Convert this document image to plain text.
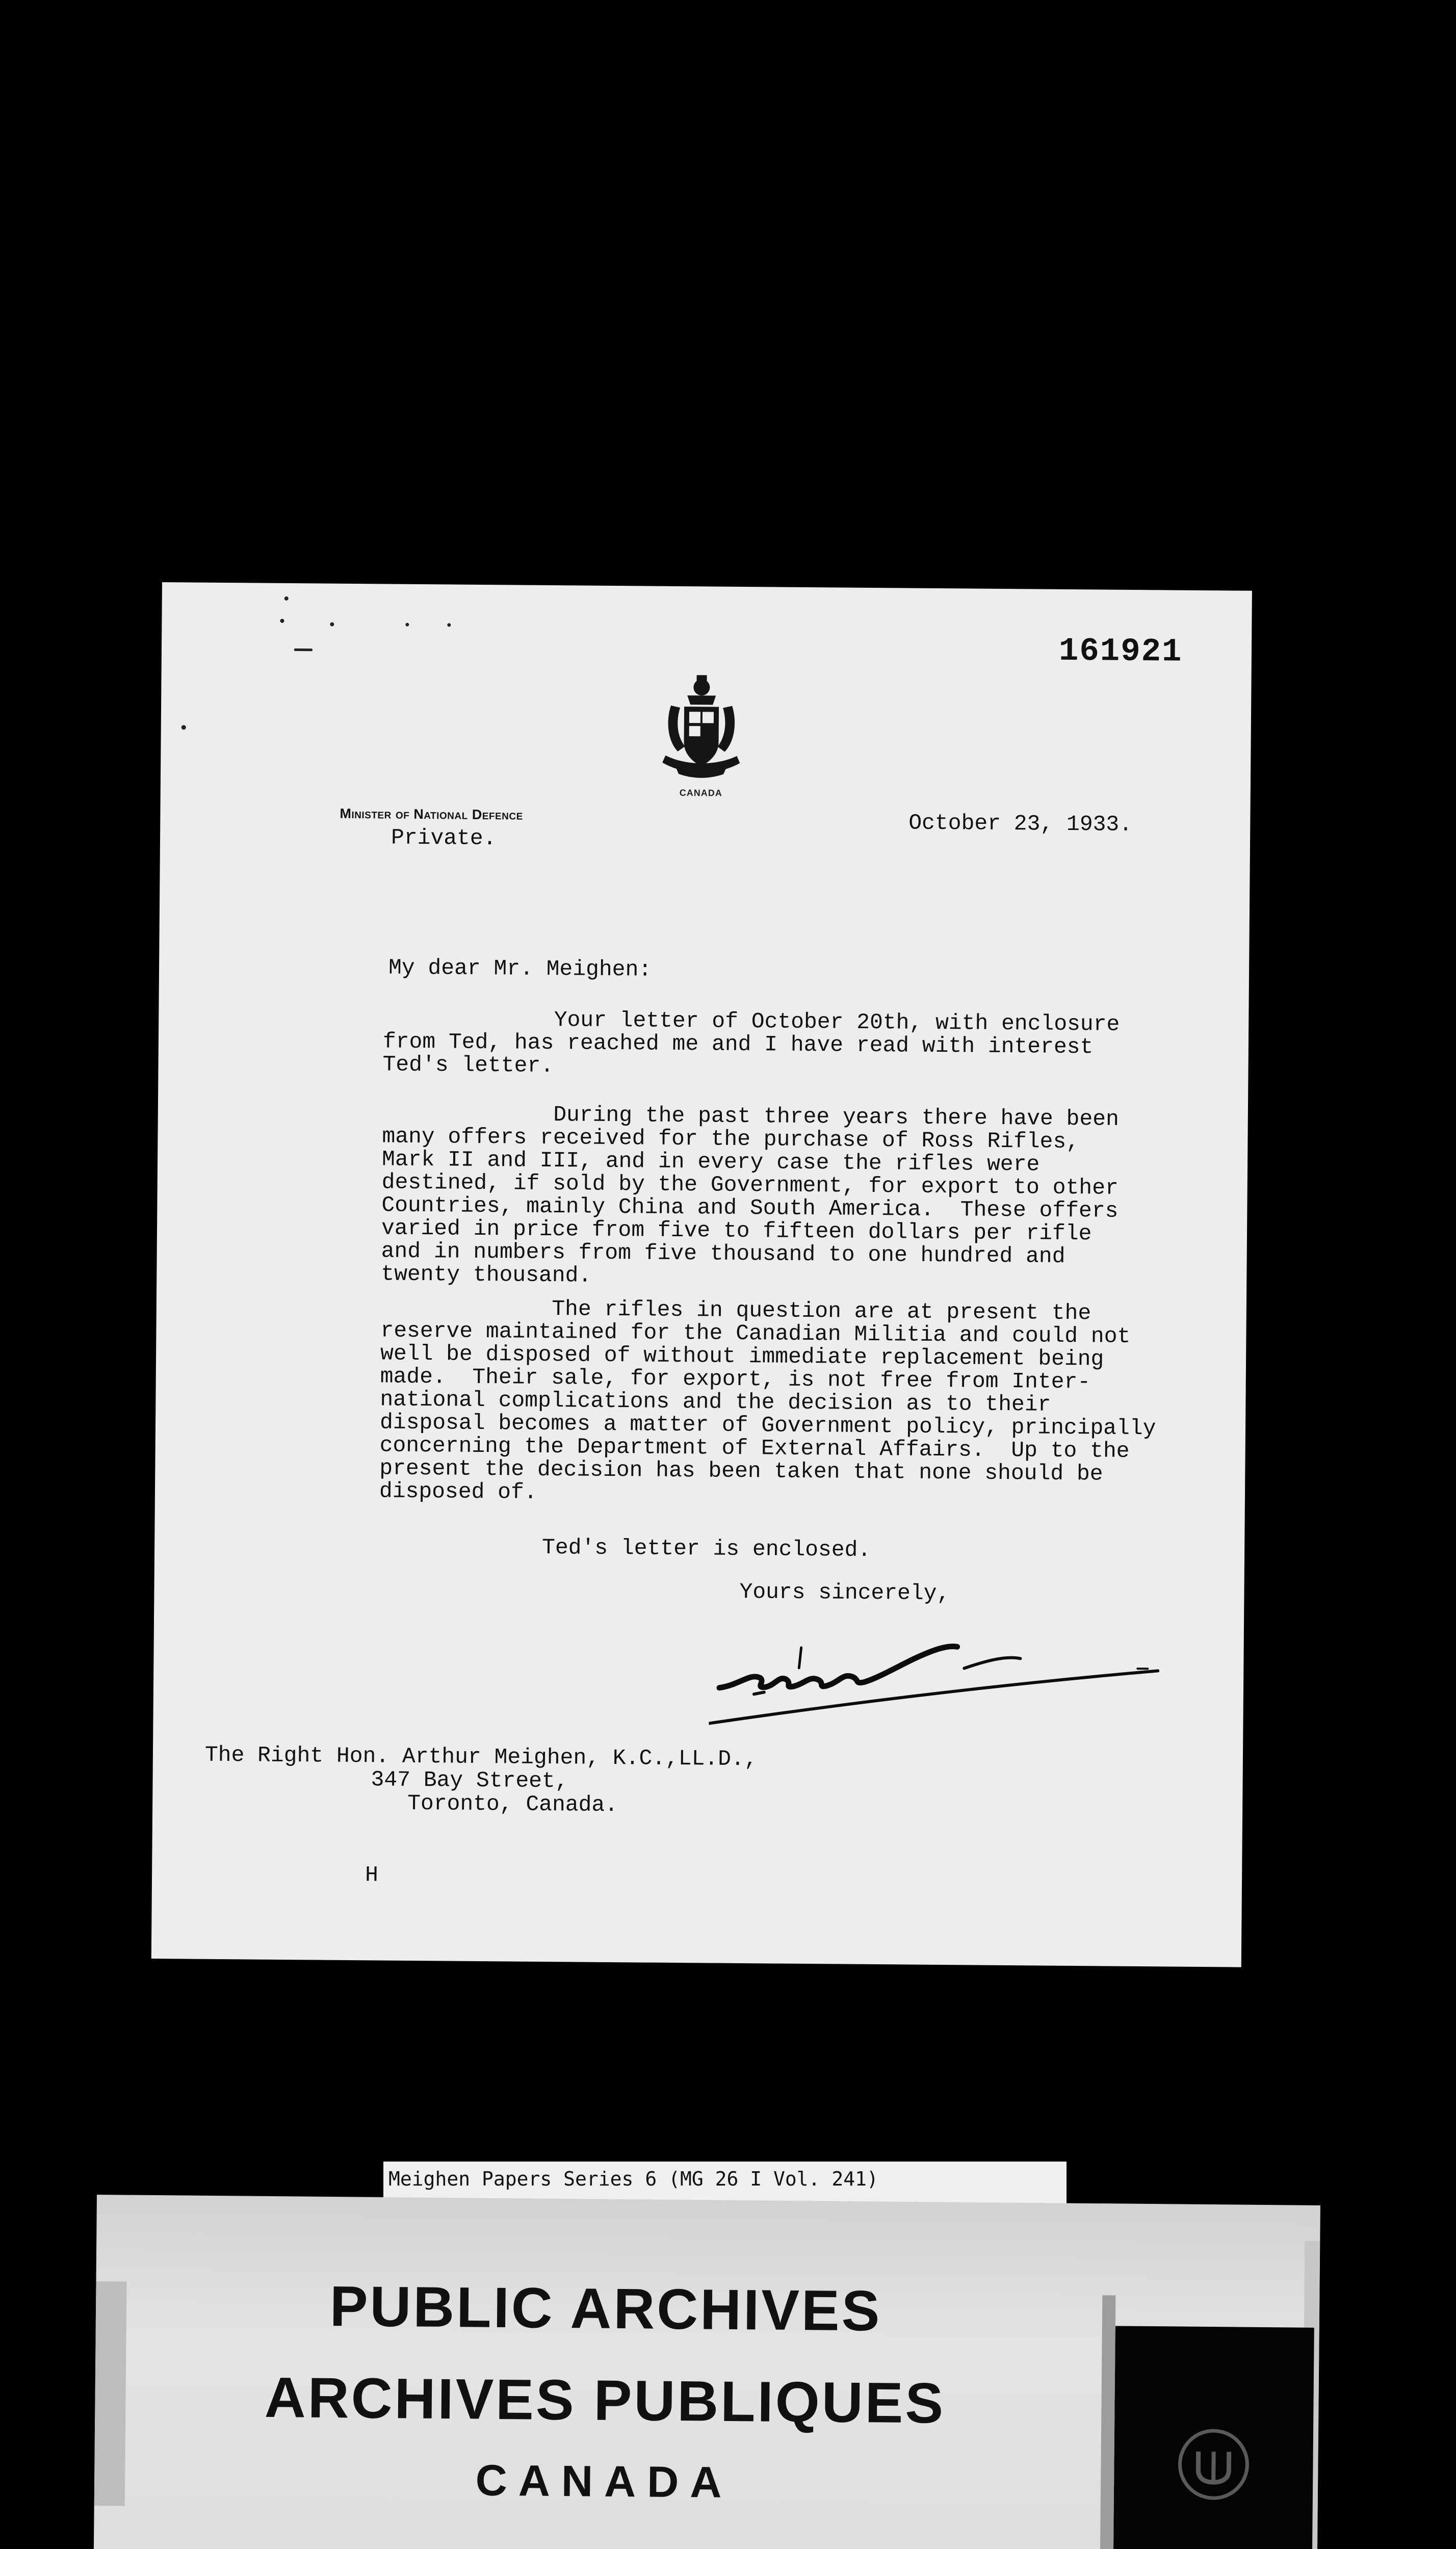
161921
CANADA
Minister of National Defence
Private.
October 23, 1933.
My dear Mr. Meighen:
Your letter of October 20th, with enclosure
from Ted, has reached me and I have read with interest
Ted's letter.
During the past three years there have been
many offers received for the purchase of Ross Rifles,
Mark II and III, and in every case the rifles were
destined, if sold by the Government, for export to other
Countries, mainly China and South America.  These offers
varied in price from five to fifteen dollars per rifle
and in numbers from five thousand to one hundred and
twenty thousand.
The rifles in question are at present the
reserve maintained for the Canadian Militia and could not
well be disposed of without immediate replacement being
made.  Their sale, for export, is not free from Inter-
national complications and the decision as to their
disposal becomes a matter of Government policy, principally
concerning the Department of External Affairs.  Up to the
present the decision has been taken that none should be
disposed of.
Ted's letter is enclosed.
Yours sincerely,
The Right Hon. Arthur Meighen, K.C.,LL.D.,
347 Bay Street,
Toronto, Canada.
H
Meighen Papers Series 6 (MG 26 I Vol. 241)
PUBLIC ARCHIVES
ARCHIVES PUBLIQUES
CANADA
